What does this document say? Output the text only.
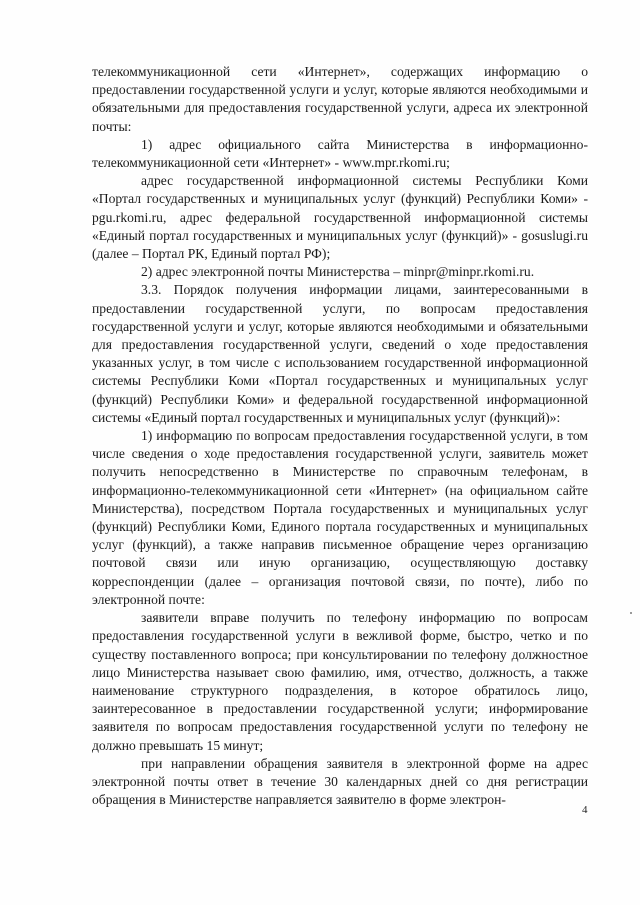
телекоммуникационной сети «Интернет», содержащих информацию о предоставлении государственной услуги и услуг, которые являются необходимыми и обязательными для предоставления государственной услуги, адреса их электронной почты:

1) адрес официального сайта Министерства в информационно-телекоммуникационной сети «Интернет» - www.mpr.rkomi.ru;

адрес государственной информационной системы Республики Коми «Портал государственных и муниципальных услуг (функций) Республики Коми» - pgu.rkomi.ru, адрес федеральной государственной информационной системы «Единый портал государственных и муниципальных услуг (функций)» - gosuslugi.ru (далее – Портал РК, Единый портал РФ);

2) адрес электронной почты Министерства – minpr@minpr.rkomi.ru.

3.3. Порядок получения информации лицами, заинтересованными в предоставлении государственной услуги, по вопросам предоставления государственной услуги и услуг, которые являются необходимыми и обязательными для предоставления государственной услуги, сведений о ходе предоставления указанных услуг, в том числе с использованием государственной информационной системы Республики Коми «Портал государственных и муниципальных услуг (функций) Республики Коми» и федеральной государственной информационной системы «Единый портал государственных и муниципальных услуг (функций)»:

1) информацию по вопросам предоставления государственной услуги, в том числе сведения о ходе предоставления государственной услуги, заявитель может получить непосредственно в Министерстве по справочным телефонам, в информационно-телекоммуникационной сети «Интернет» (на официальном сайте Министерства), посредством Портала государственных и муниципальных услуг (функций) Республики Коми, Единого портала государственных и муниципальных услуг (функций), а также направив письменное обращение через организацию почтовой связи или иную организацию, осуществляющую доставку корреспонденции (далее – организация почтовой связи, по почте), либо по электронной почте:

заявители вправе получить по телефону информацию по вопросам предоставления государственной услуги в вежливой форме, быстро, четко и по существу поставленного вопроса; при консультировании по телефону должностное лицо Министерства называет свою фамилию, имя, отчество, должность, а также наименование структурного подразделения, в которое обратилось лицо, заинтересованное в предоставлении государственной услуги; информирование заявителя по вопросам предоставления государственной услуги по телефону не должно превышать 15 минут;

при направлении обращения заявителя в электронной форме на адрес электронной почты ответ в течение 30 календарных дней со дня регистрации обращения в Министерстве направляется заявителю в форме электрон-

4
